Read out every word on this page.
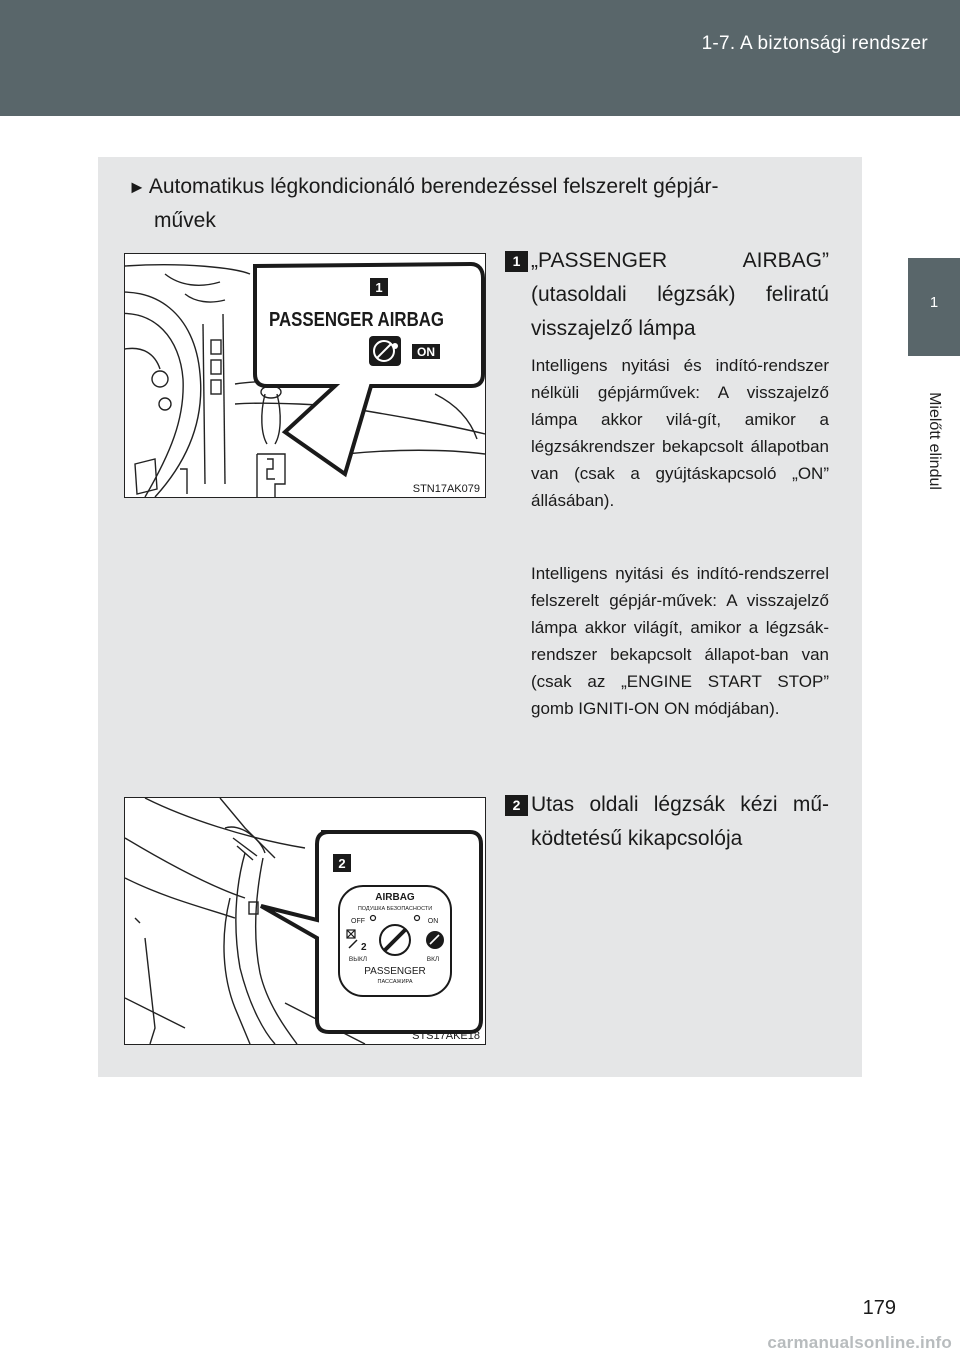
1-7. A biztonsági rendszer
1
Mielőtt elindul
► Automatikus légkondicionáló berendezéssel felszerelt gépjár-
művek
1 „PASSENGER AIRBAG” (utasoldali légzsák) feliratú visszajelző lámpa
Intelligens nyitási és indító-rendszer nélküli gépjárművek: A visszajelző lámpa akkor vilá-gít, amikor a légzsákrendszer bekapcsolt állapotban van (csak a gyújtáskapcsoló „ON” állásában).
Intelligens nyitási és indító-rendszerrel felszerelt gépjár-művek: A visszajelző lámpa akkor világít, amikor a légzsák-rendszer bekapcsolt állapot-ban van (csak az „ENGINE START STOP” gomb IGNITI-ON ON módjában).
2 Utas oldali légzsák kézi mű-ködtetésű kikapcsolója
1
PASSENGER AIRBAG
ON
STN17AK079
2
AIRBAG
ПОДУШКА БЕЗОПАСНОСТИ
OFF	ON
2
ВЫКЛ	ВКЛ
PASSENGER
ПАССАЖИРА
STS17AKE18
179
carmanualsonline.info
